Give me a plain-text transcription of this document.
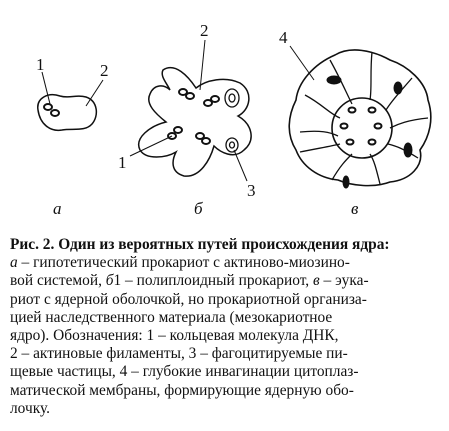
1	2
а
2
1
3
б
4
в
Рис. 2. Один из вероятных путей происхождения ядра:
а – гипотетический прокариот с актиново-миозино-
вой системой, б1 – полиплоидный прокариот, в – эука-
риот с ядерной оболочкой, но прокариотной организа-
цией наследственного материала (мезокариотное
ядро). Обозначения: 1 – кольцевая молекула ДНК,
2 – актиновые филаменты, 3 – фагоцитируемые пи-
щевые частицы, 4 – глубокие инвагинации цитоплаз-
матической мембраны, формирующие ядерную обо-
лочку.
